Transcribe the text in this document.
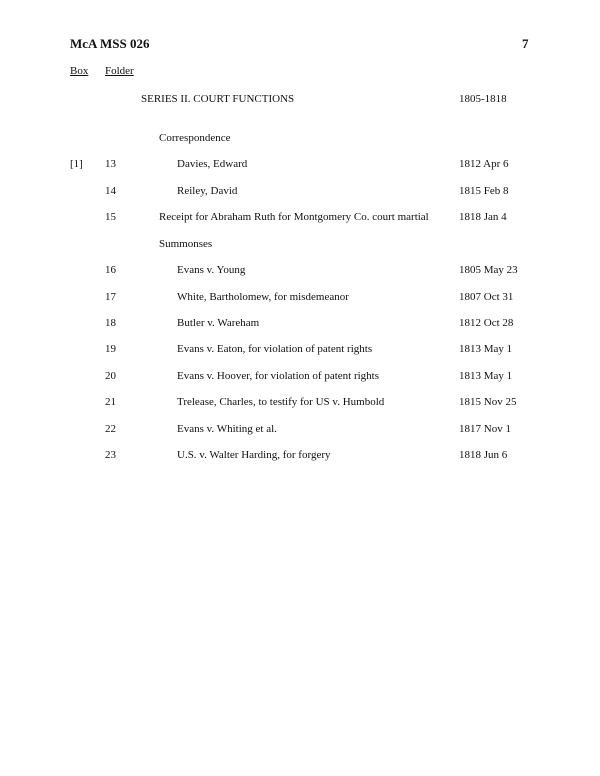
McA MSS 026	7
Box Folder
SERIES II. COURT FUNCTIONS	1805-1818
Correspondence
[1] 13	Davies, Edward	1812 Apr 6
14	Reiley, David	1815 Feb 8
15	Receipt for Abraham Ruth for Montgomery Co. court martial	1818 Jan 4
Summonses
16	Evans v. Young	1805 May 23
17	White, Bartholomew, for misdemeanor	1807 Oct 31
18	Butler v. Wareham	1812 Oct 28
19	Evans v. Eaton, for violation of patent rights	1813 May 1
20	Evans v. Hoover, for violation of patent rights	1813 May 1
21	Trelease, Charles, to testify for US v. Humbold	1815 Nov 25
22	Evans v. Whiting et al.	1817 Nov 1
23	U.S. v. Walter Harding, for forgery	1818 Jun 6
